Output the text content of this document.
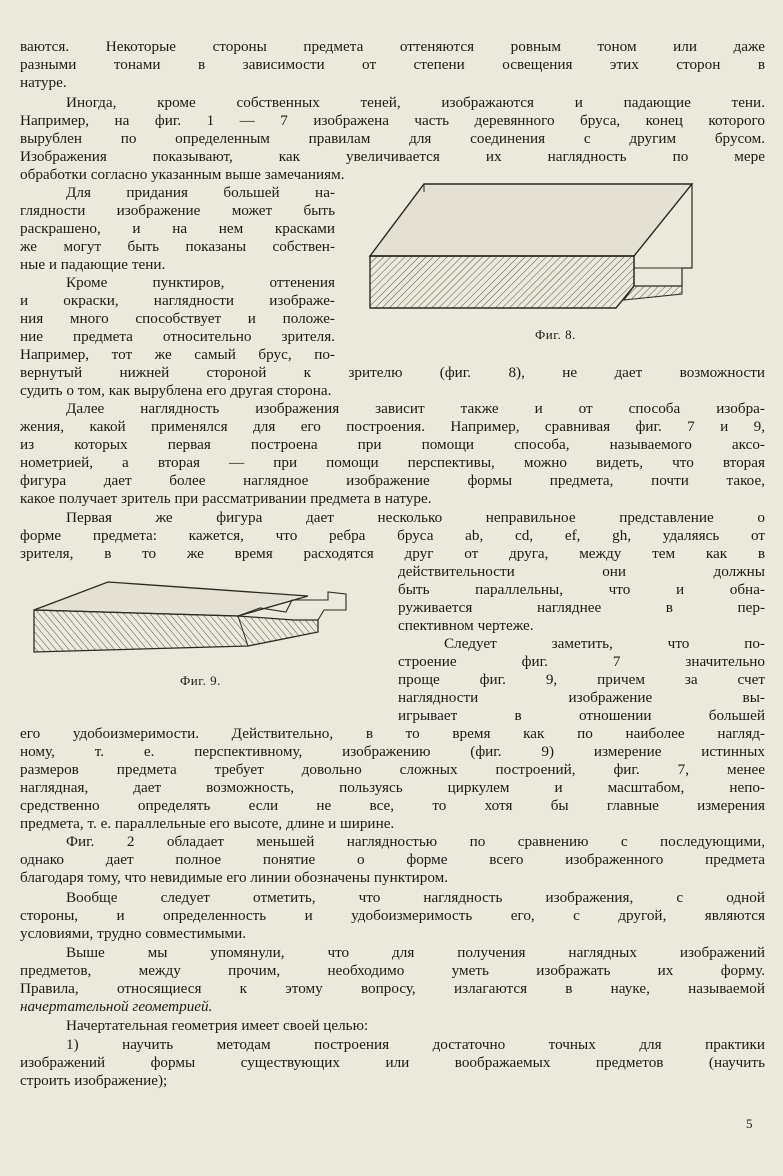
ваются. Некоторые стороны предмета оттеняются ровным тоном или даже
разными тонами в зависимости от степени освещения этих сторон в
натуре.
Иногда, кроме собственных теней, изображаются и падающие тени.
Например, на фиг. 1 — 7 изображена часть деревянного бруса, конец которого
вырублен по определенным правилам для соединения с другим брусом.
Изображения показывают, как увеличивается их наглядность по мере
обработки согласно указанным выше замечаниям.
Для придания большей на-
глядности изображение может быть
раскрашено, и на нем красками
же могут быть показаны собствен-
ные и падающие тени.
Кроме пунктиров, оттенения
и окраски, наглядности изображе-
ния много способствует и положе-
ние предмета относительно зрителя.
Например, тот же самый брус, по-
вернутый нижней стороной к зрителю (фиг. 8), не дает возможности
судить о том, как вырублена его другая сторона.
Фиг. 8.
Далее наглядность изображения зависит также и от способа изобра-
жения, какой применялся для его построения. Например, сравнивая фиг. 7 и 9,
из которых первая построена при помощи способа, называемого аксо-
нометрией, а вторая — при помощи перспективы, можно видеть, что вторая
фигура дает более наглядное изображение формы предмета, почти такое,
какое получает зритель при рассматривании предмета в натуре.
Первая же фигура дает несколько неправильное представление о
форме предмета: кажется, что ребра бруса ab, cd, ef, gh, удаляясь от
зрителя, в то же время расходятся друг от друга, между тем как в
действительности они должны
быть параллельны, что и обна-
руживается нагляднее в пер-
спективном чертеже.
Следует заметить, что по-
строение фиг. 7 значительно
проще фиг. 9, причем за счет
наглядности изображение вы-
игрывает в отношении большей
его удобоизмеримости. Действительно, в то время как по наиболее нагляд-
ному, т. е. перспективному, изображению (фиг. 9) измерение истинных
размеров предмета требует довольно сложных построений, фиг. 7, менее
наглядная, дает возможность, пользуясь циркулем и масштабом, непо-
средственно определять если не все, то хотя бы главные измерения
предмета, т. е. параллельные его высоте, длине и ширине.
Фиг. 9.
Фиг. 2 обладает меньшей наглядностью по сравнению с последующими,
однако дает полное понятие о форме всего изображенного предмета
благодаря тому, что невидимые его линии обозначены пунктиром.
Вообще следует отметить, что наглядность изображения, с одной
стороны, и определенность и удобоизмеримость его, с другой, являются
условиями, трудно совместимыми.
Выше мы упомянули, что для получения наглядных изображений
предметов, между прочим, необходимо уметь изображать их форму.
Правила, относящиеся к этому вопросу, излагаются в науке, называемой
начертательной геометрией.
Начертательная геометрия имеет своей целью:
1) научить методам построения достаточно точных для практики
изображений формы существующих или воображаемых предметов (научить
строить изображение);
5
